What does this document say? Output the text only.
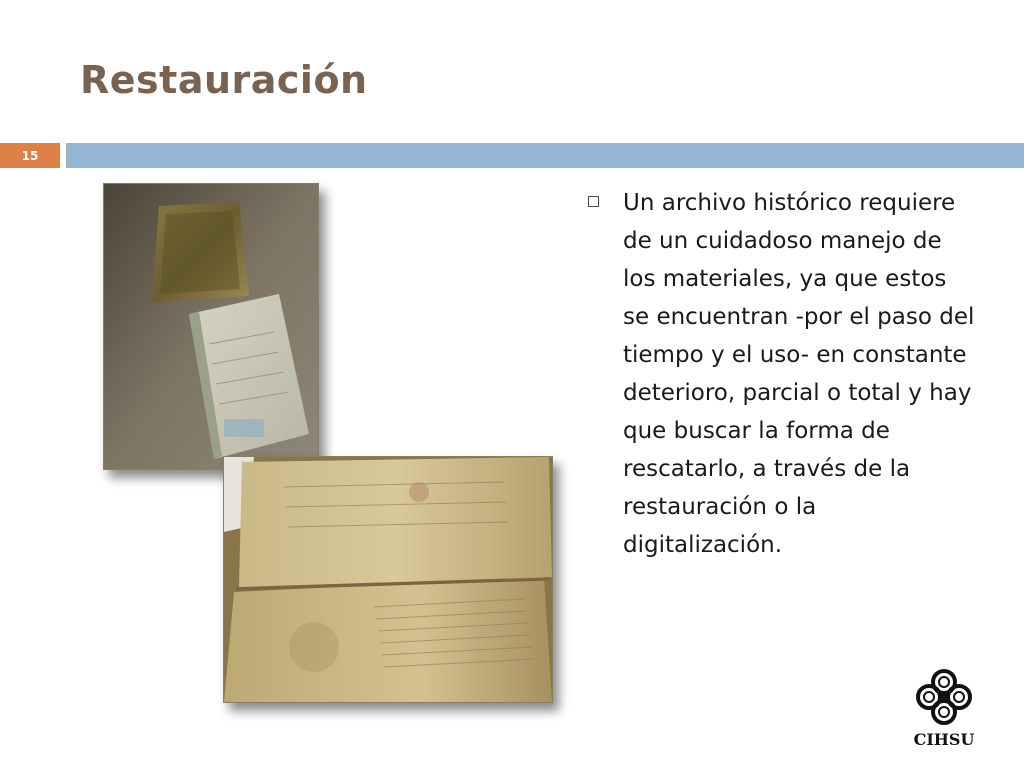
Restauración
15
Un archivo histórico requiere de un cuidadoso manejo de los materiales, ya que estos se encuentran -por el paso del tiempo y el uso- en constante deterioro, parcial o total y hay que buscar la forma de rescatarlo, a través de la restauración o la digitalización.
CIHSU
